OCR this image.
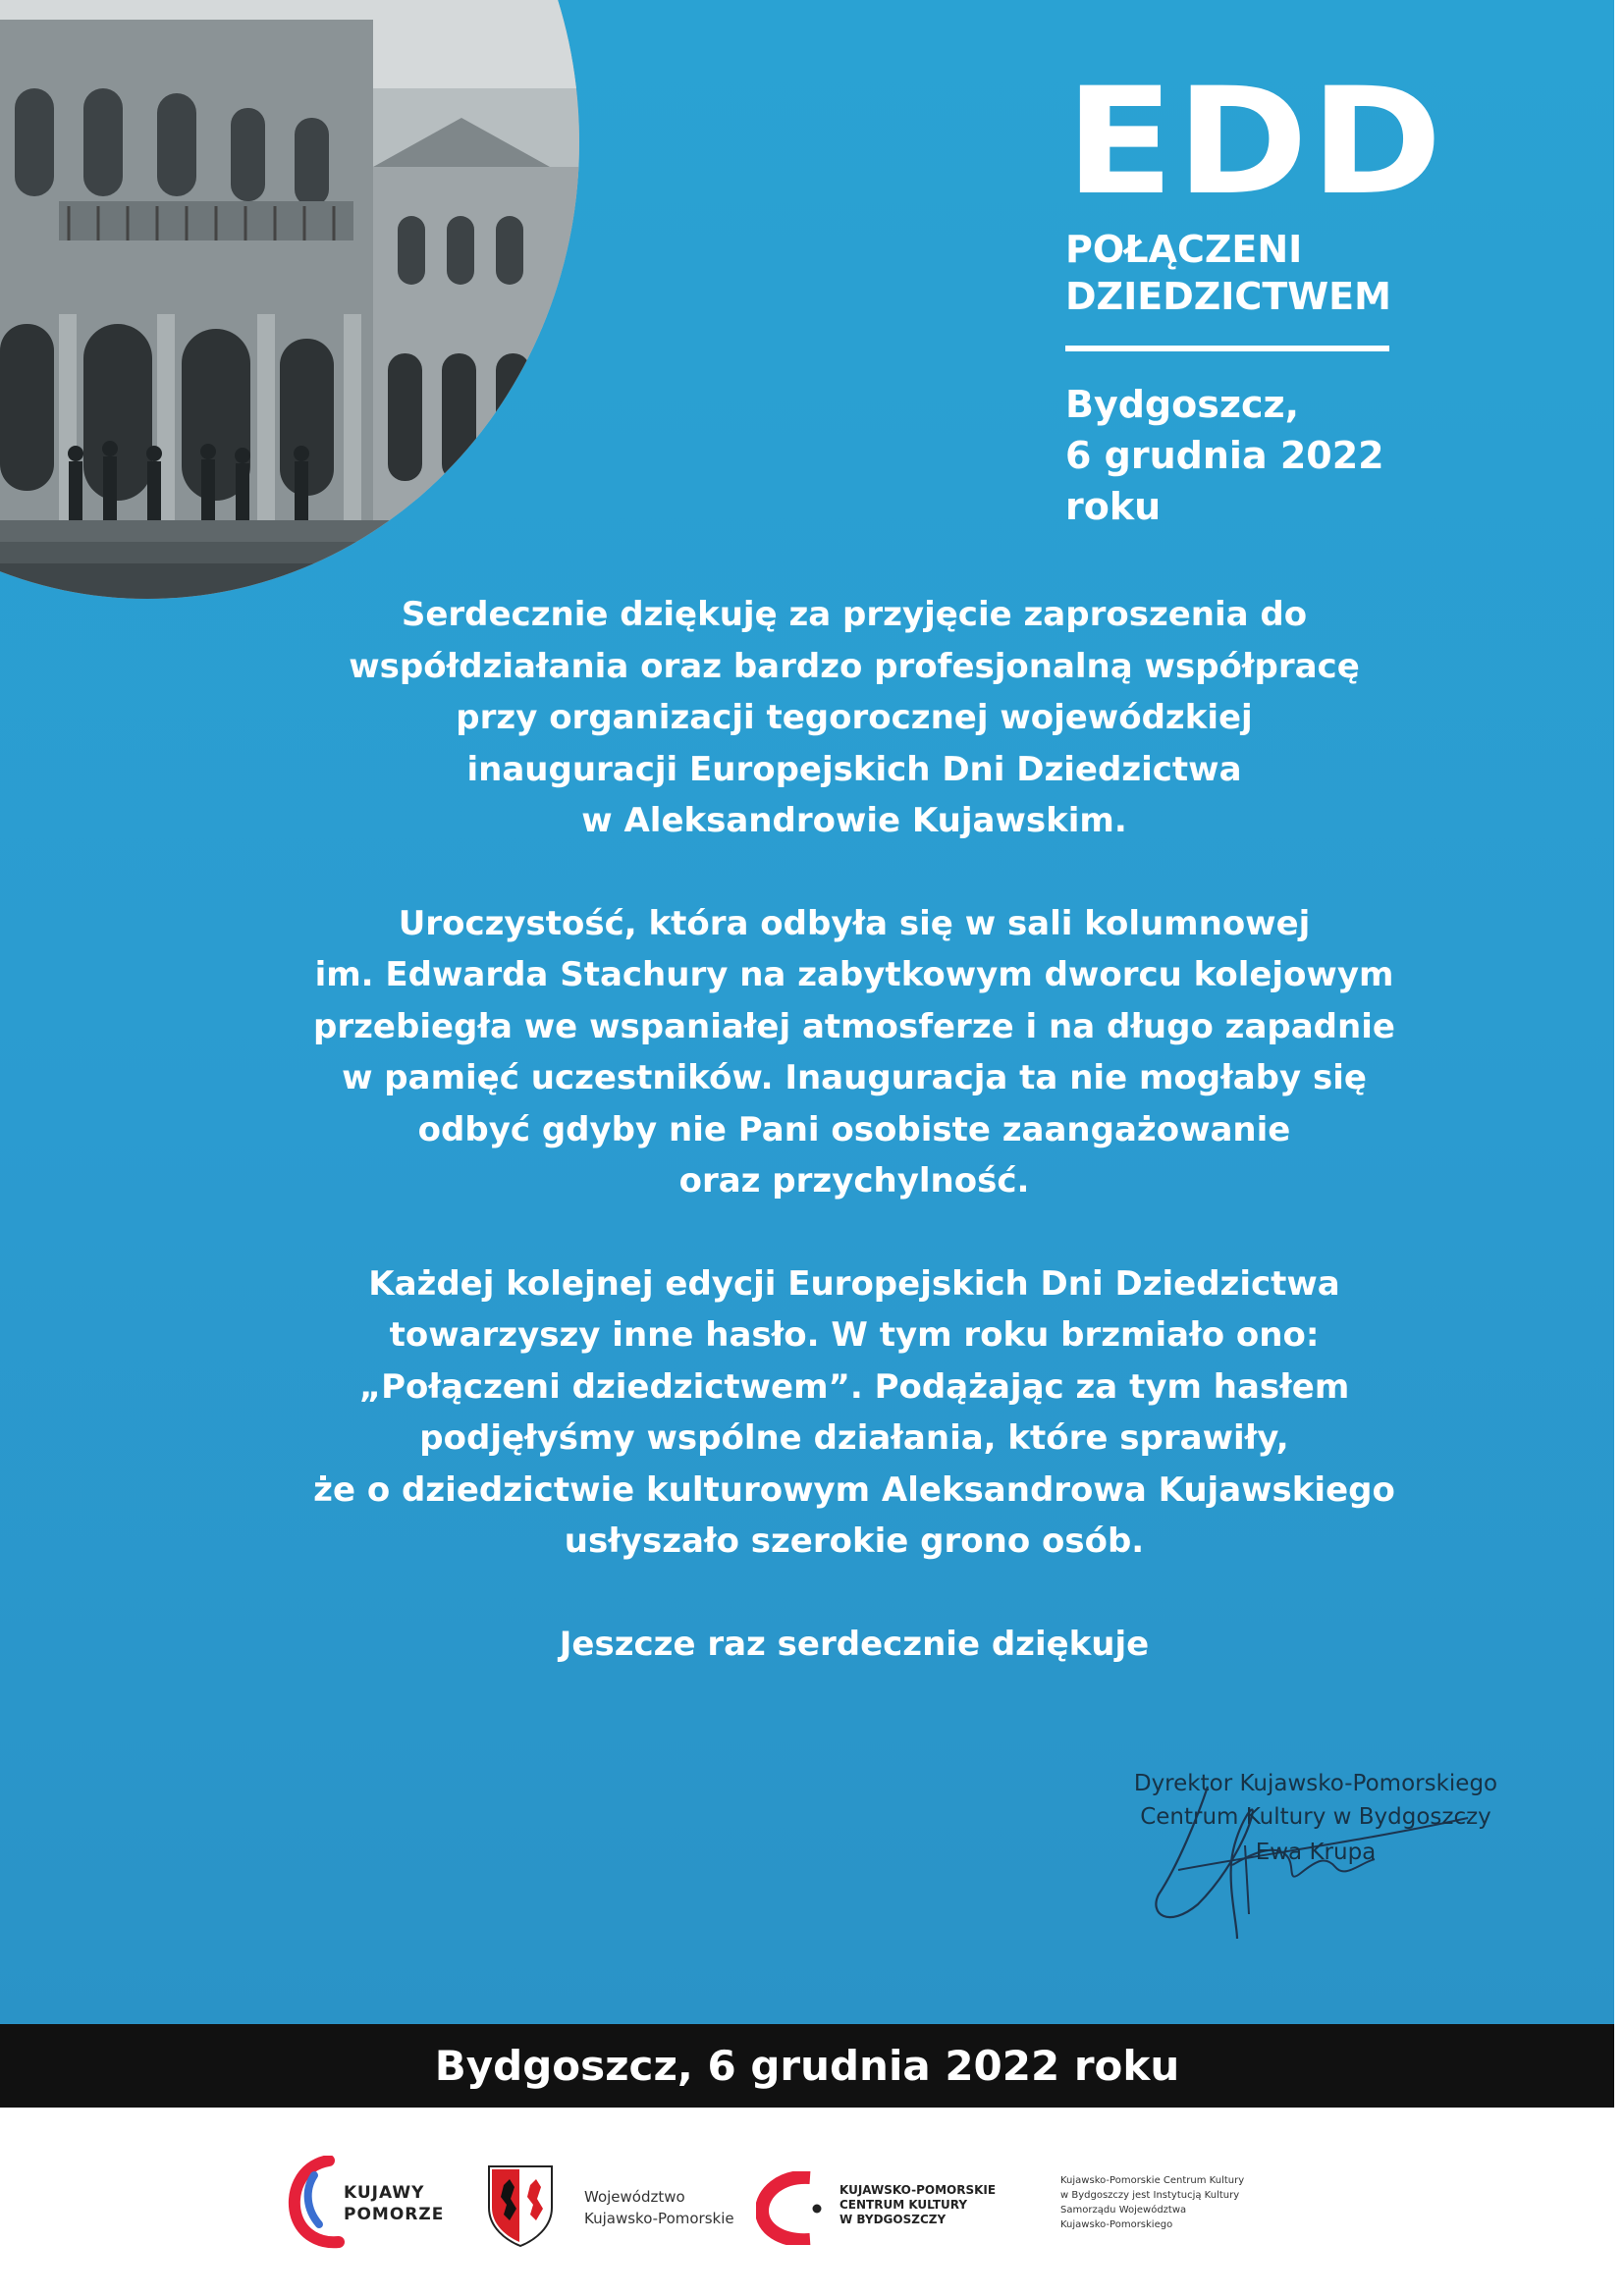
EDD
POŁĄCZENI
DZIEDZICTWEM
Bydgoszcz,
6 grudnia 2022 roku

Serdecznie dziękuję za przyjęcie zaproszenia do
współdziałania oraz bardzo profesjonalną współpracę
przy organizacji tegorocznej wojewódzkiej
inauguracji Europejskich Dni Dziedzictwa
w Aleksandrowie Kujawskim.

Uroczystość, która odbyła się w sali kolumnowej
im. Edwarda Stachury na zabytkowym dworcu kolejowym
przebiegła we wspaniałej atmosferze i na długo zapadnie
w pamięć uczestników. Inauguracja ta nie mogłaby się
odbyć gdyby nie Pani osobiste zaangażowanie
oraz przychylność.

Każdej kolejnej edycji Europejskich Dni Dziedzictwa
towarzyszy inne hasło. W tym roku brzmiało ono:
„Połączeni dziedzictwem”. Podążając za tym hasłem
podjęłyśmy wspólne działania, które sprawiły,
że o dziedzictwie kulturowym Aleksandrowa Kujawskiego
usłyszało szerokie grono osób.

Jeszcze raz serdecznie dziękuje

Dyrektor Kujawsko-Pomorskiego
Centrum Kultury w Bydgoszczy
Ewa Krupa
Bydgoszcz, 6 grudnia 2022 roku
KUJAWY
POMORZE
Województwo
Kujawsko-Pomorskie
KUJAWSKO-POMORSKIE
CENTRUM KULTURY
W BYDGOSZCZY
Kujawsko-Pomorskie Centrum Kultury
w Bydgoszczy jest Instytucją Kultury
Samorządu Województwa
Kujawsko-Pomorskiego
